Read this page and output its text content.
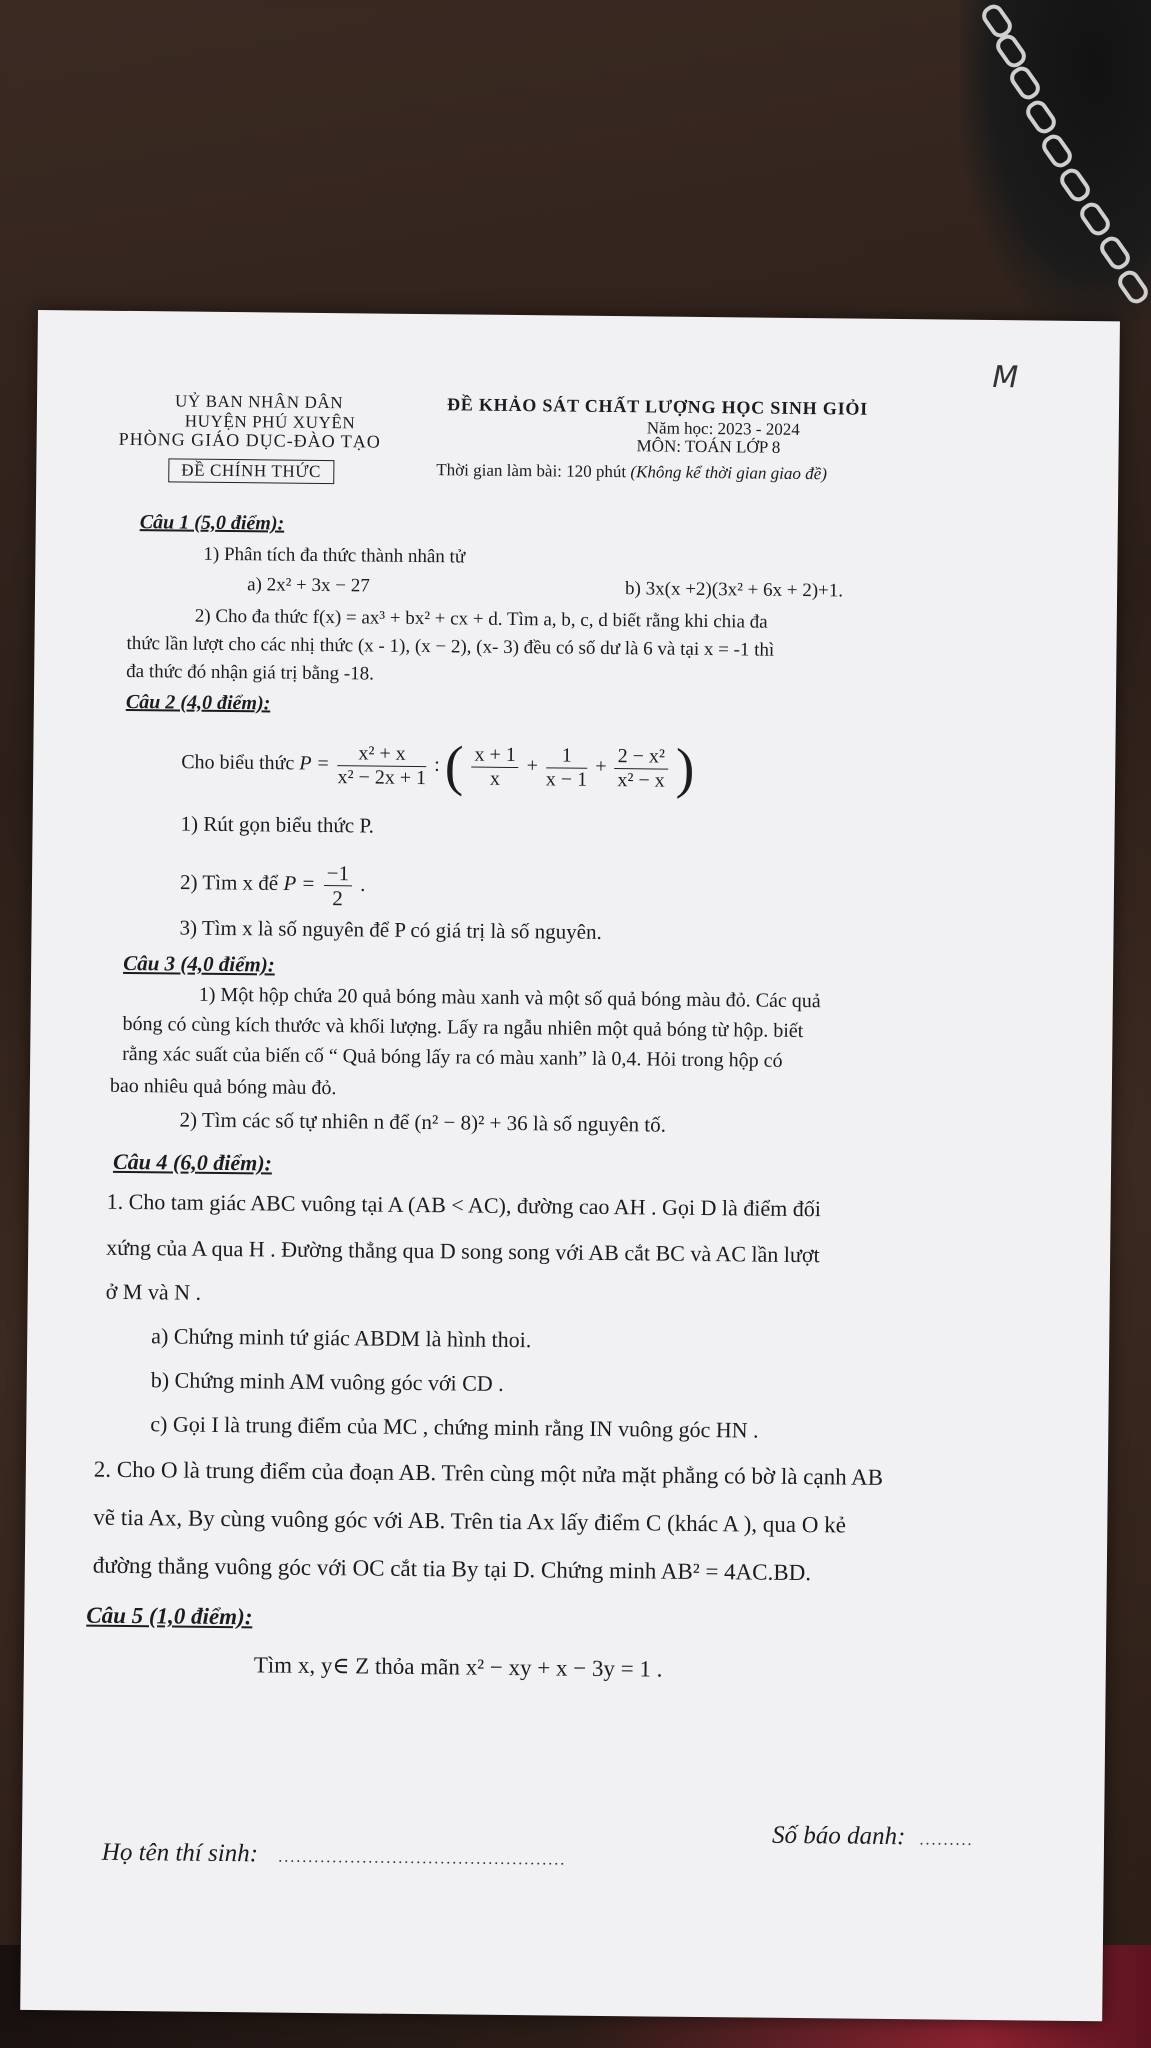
M
UỶ BAN NHÂN DÂN
HUYỆN PHÚ XUYÊN
PHÒNG GIÁO DỤC-ĐÀO TẠO
ĐỀ CHÍNH THỨC
ĐỀ KHẢO SÁT CHẤT LƯỢNG HỌC SINH GIỎI
Năm học: 2023 - 2024
MÔN: TOÁN LỚP 8
Thời gian làm bài: 120 phút (Không kể thời gian giao đề)
Câu 1 (5,0 điểm):
1) Phân tích đa thức thành nhân tử
a) 2x² + 3x − 27	b) 3x(x +2)(3x² + 6x + 2)+1.
2) Cho đa thức f(x) = ax³ + bx² + cx + d. Tìm a, b, c, d biết rằng khi chia đa
thức lần lượt cho các nhị thức (x - 1), (x − 2), (x- 3) đều có số dư là 6 và tại x = -1 thì
đa thức đó nhận giá trị bằng -18.
Câu 2 (4,0 điểm):
Cho biểu thức $P = \frac{\text{x² + x}}{\text{x² − 2x + 1}}$ : ( $\frac{x + 1}{x} + \frac{1}{x - 1} + \frac{\text{2 − x²}}{\text{x² − x}}$ )
1) Rút gọn biểu thức P.
2) Tìm x để $P = \frac{-1}{2}$ .
3) Tìm x là số nguyên để P có giá trị là số nguyên.
Câu 3 (4,0 điểm):
1) Một hộp chứa 20 quả bóng màu xanh và một số quả bóng màu đỏ. Các quả
bóng có cùng kích thước và khối lượng. Lấy ra ngẫu nhiên một quả bóng từ hộp. biết
rằng xác suất của biến cố “ Quả bóng lấy ra có màu xanh” là 0,4. Hỏi trong hộp có
bao nhiêu quả bóng màu đỏ.
2) Tìm các số tự nhiên n để (n² − 8)² + 36 là số nguyên tố.
Câu 4 (6,0 điểm):
1. Cho tam giác ABC vuông tại A (AB < AC), đường cao AH . Gọi D là điểm đối
xứng của A qua H . Đường thẳng qua D song song với AB cắt BC và AC lần lượt
ở M và N .
a) Chứng minh tứ giác ABDM là hình thoi.
b) Chứng minh AM vuông góc với CD .
c) Gọi I là trung điểm của MC , chứng minh rằng IN vuông góc HN .
2. Cho O là trung điểm của đoạn AB. Trên cùng một nửa mặt phẳng có bờ là cạnh AB
vẽ tia Ax, By cùng vuông góc với AB. Trên tia Ax lấy điểm C (khác A ), qua O kẻ
đường thẳng vuông góc với OC cắt tia By tại D. Chứng minh AB² = 4AC.BD.
Câu 5 (1,0 điểm):
Tìm x, y∈ Z thỏa mãn x² − xy + x − 3y = 1 .
Họ tên thí sinh: ................................................
Số báo danh: .........
